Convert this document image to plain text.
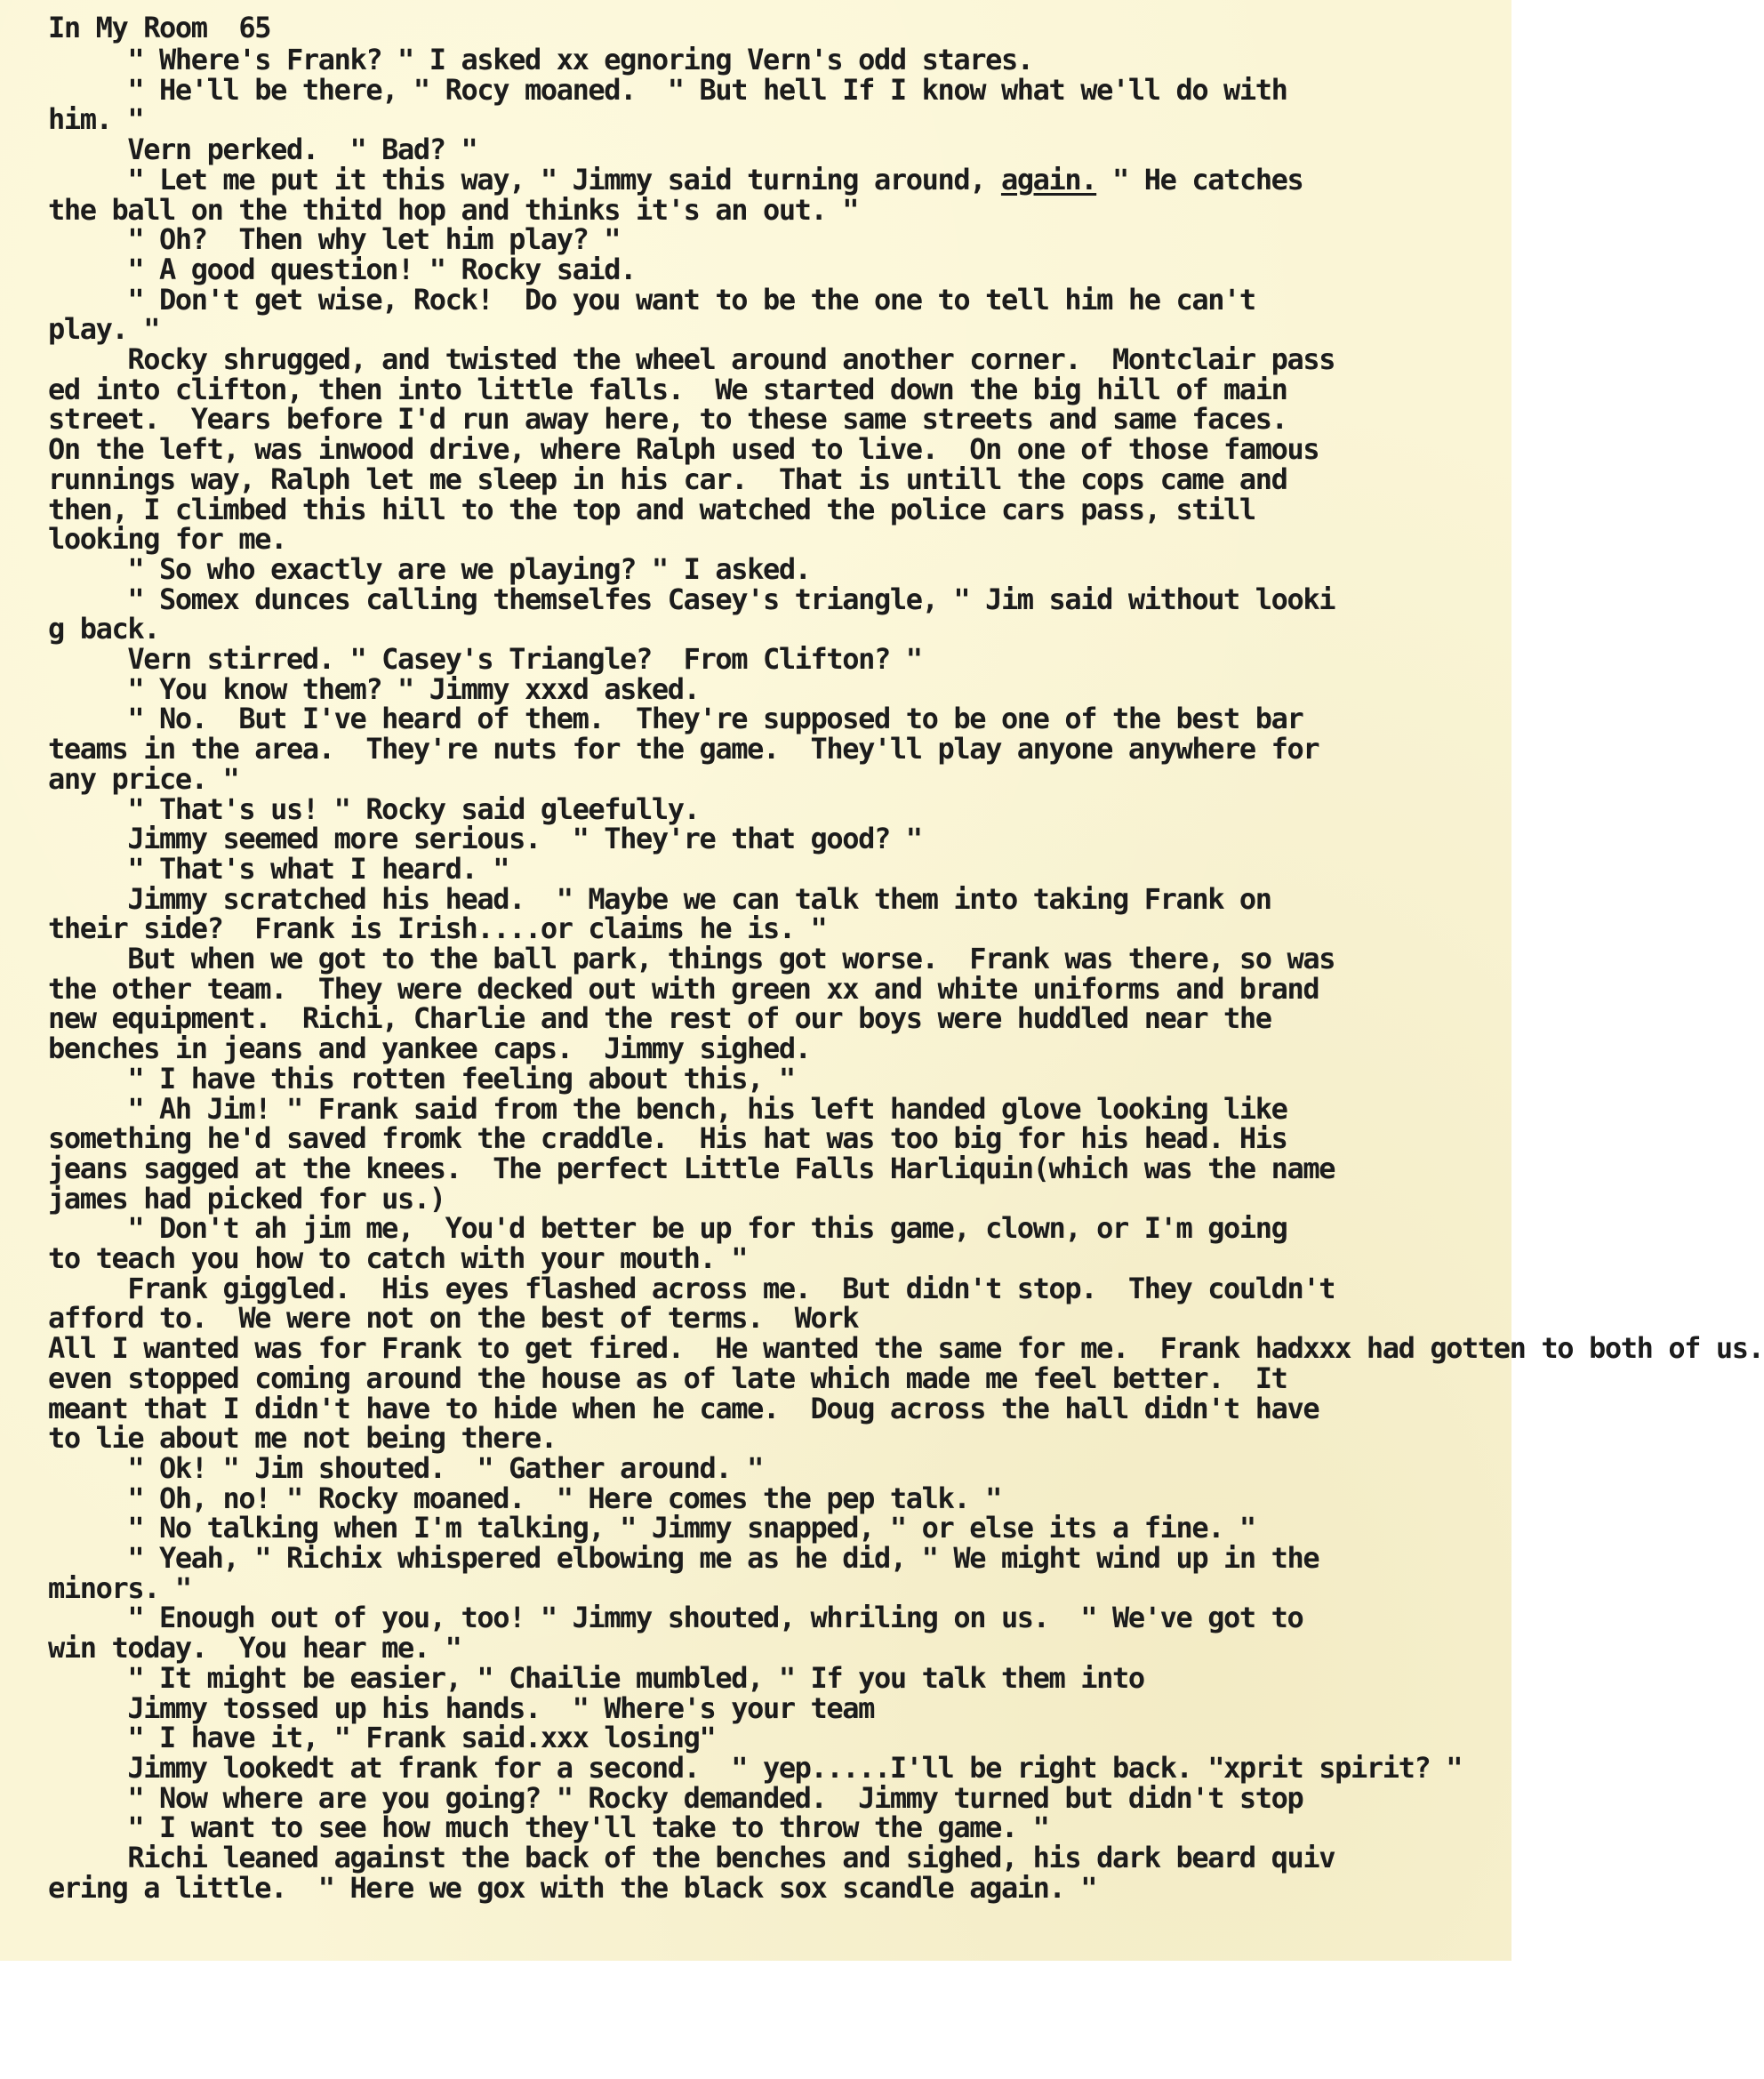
In My Room  65

" Where's Frank? " I asked xx egnoring Vern's odd stares.
" He'll be there, " Rocy moaned.  " But hell If I know what we'll do with
him. "
Vern perked.  " Bad? "
" Let me put it this way, " Jimmy said turning around, again. " He catches
the ball on the thitd hop and thinks it's an out. "
" Oh?  Then why let him play? "
" A good question! " Rocky said.
" Don't get wise, Rock!  Do you want to be the one to tell him he can't
play. "
Rocky shrugged, and twisted the wheel around another corner.  Montclair pass
ed into clifton, then into little falls.  We started down the big hill of main
street.  Years before I'd run away here, to these same streets and same faces.
On the left, was inwood drive, where Ralph used to live.  On one of those famous
runnings way, Ralph let me sleep in his car.  That is untill the cops came and
then, I climbed this hill to the top and watched the police cars pass, still
looking for me.
" So who exactly are we playing? " I asked.
" Somex dunces calling themselfes Casey's triangle, " Jim said without looki
g back.
Vern stirred. " Casey's Triangle?  From Clifton? "
" You know them? " Jimmy xxxd asked.
" No.  But I've heard of them.  They're supposed to be one of the best bar
teams in the area.  They're nuts for the game.  They'll play anyone anywhere for
any price. "
" That's us! " Rocky said gleefully.
Jimmy seemed more serious.  " They're that good? "
" That's what I heard. "
Jimmy scratched his head.  " Maybe we can talk them into taking Frank on
their side?  Frank is Irish....or claims he is. "
But when we got to the ball park, things got worse.  Frank was there, so was
the other team.  They were decked out with green xx and white uniforms and brand
new equipment.  Richi, Charlie and the rest of our boys were huddled near the
benches in jeans and yankee caps.  Jimmy sighed.
" I have this rotten feeling about this, "
" Ah Jim! " Frank said from the bench, his left handed glove looking like
something he'd saved fromk the craddle.  His hat was too big for his head. His
jeans sagged at the knees.  The perfect Little Falls Harliquin(which was the name
james had picked for us.)
" Don't ah jim me,  You'd better be up for this game, clown, or I'm going
to teach you how to catch with your mouth. "
Frank giggled.  His eyes flashed across me.  But didn't stop.  They couldn't
afford to.  We were not on the best of terms.  Work
All I wanted was for Frank to get fired.  He wanted the same for me.  Frank hadxxx had gotten to both of us.
even stopped coming around the house as of late which made me feel better.  It
meant that I didn't have to hide when he came.  Doug across the hall didn't have
to lie about me not being there.
" Ok! " Jim shouted.  " Gather around. "
" Oh, no! " Rocky moaned.  " Here comes the pep talk. "
" No talking when I'm talking, " Jimmy snapped, " or else its a fine. "
" Yeah, " Richix whispered elbowing me as he did, " We might wind up in the
minors. "
" Enough out of you, too! " Jimmy shouted, whriling on us.  " We've got to
win today.  You hear me. "
" It might be easier, " Chailie mumbled, " If you talk them into
Jimmy tossed up his hands.  " Where's your team
" I have it, " Frank said.xxx losing"
Jimmy lookedt at frank for a second.  " yep.....I'll be right back. "xprit spirit? "
" Now where are you going? " Rocky demanded.  Jimmy turned but didn't stop
" I want to see how much they'll take to throw the game. "
Richi leaned against the back of the benches and sighed, his dark beard quiv
ering a little.  " Here we gox with the black sox scandle again. "
